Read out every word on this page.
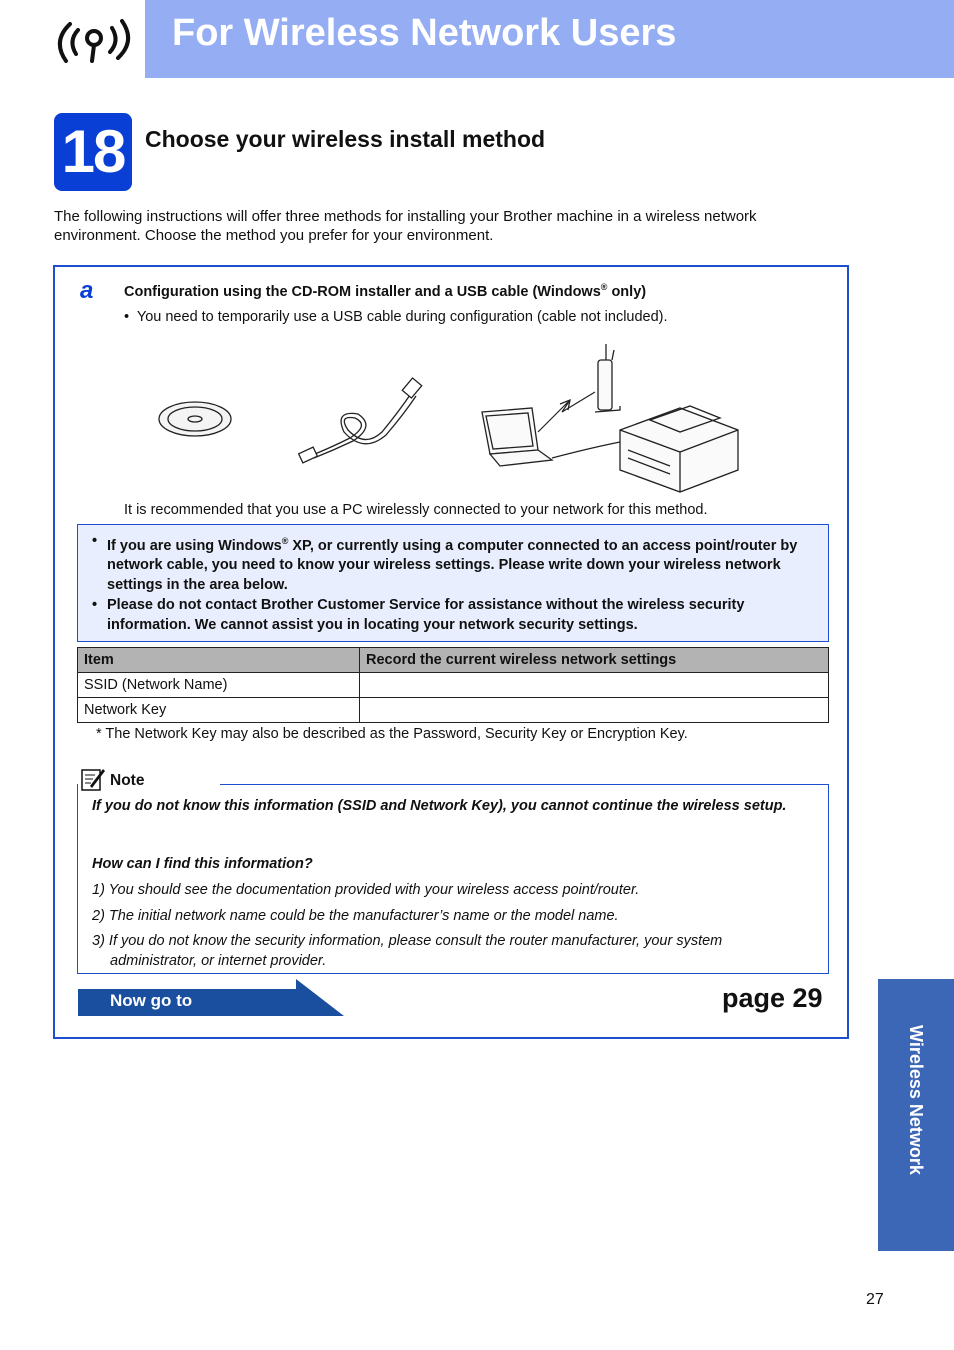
For Wireless Network Users
18 Choose your wireless install method
The following instructions will offer three methods for installing your Brother machine in a wireless network environment. Choose the method you prefer for your environment.
a Configuration using the CD-ROM installer and a USB cable (Windows® only)
• You need to temporarily use a USB cable during configuration (cable not included).
It is recommended that you use a PC wirelessly connected to your network for this method.
• If you are using Windows® XP, or currently using a computer connected to an access point/router by network cable, you need to know your wireless settings. Please write down your wireless network settings in the area below.
• Please do not contact Brother Customer Service for assistance without the wireless security information. We cannot assist you in locating your network security settings.
Item	Record the current wireless network settings
SSID (Network Name)	
Network Key	
* The Network Key may also be described as the Password, Security Key or Encryption Key.
Note
If you do not know this information (SSID and Network Key), you cannot continue the wireless setup.
How can I find this information?
1) You should see the documentation provided with your wireless access point/router.
2) The initial network name could be the manufacturer’s name or the model name.
3) If you do not know the security information, please consult the router manufacturer, your system administrator, or internet provider.
Now go to	page 29
Wireless Network
27
